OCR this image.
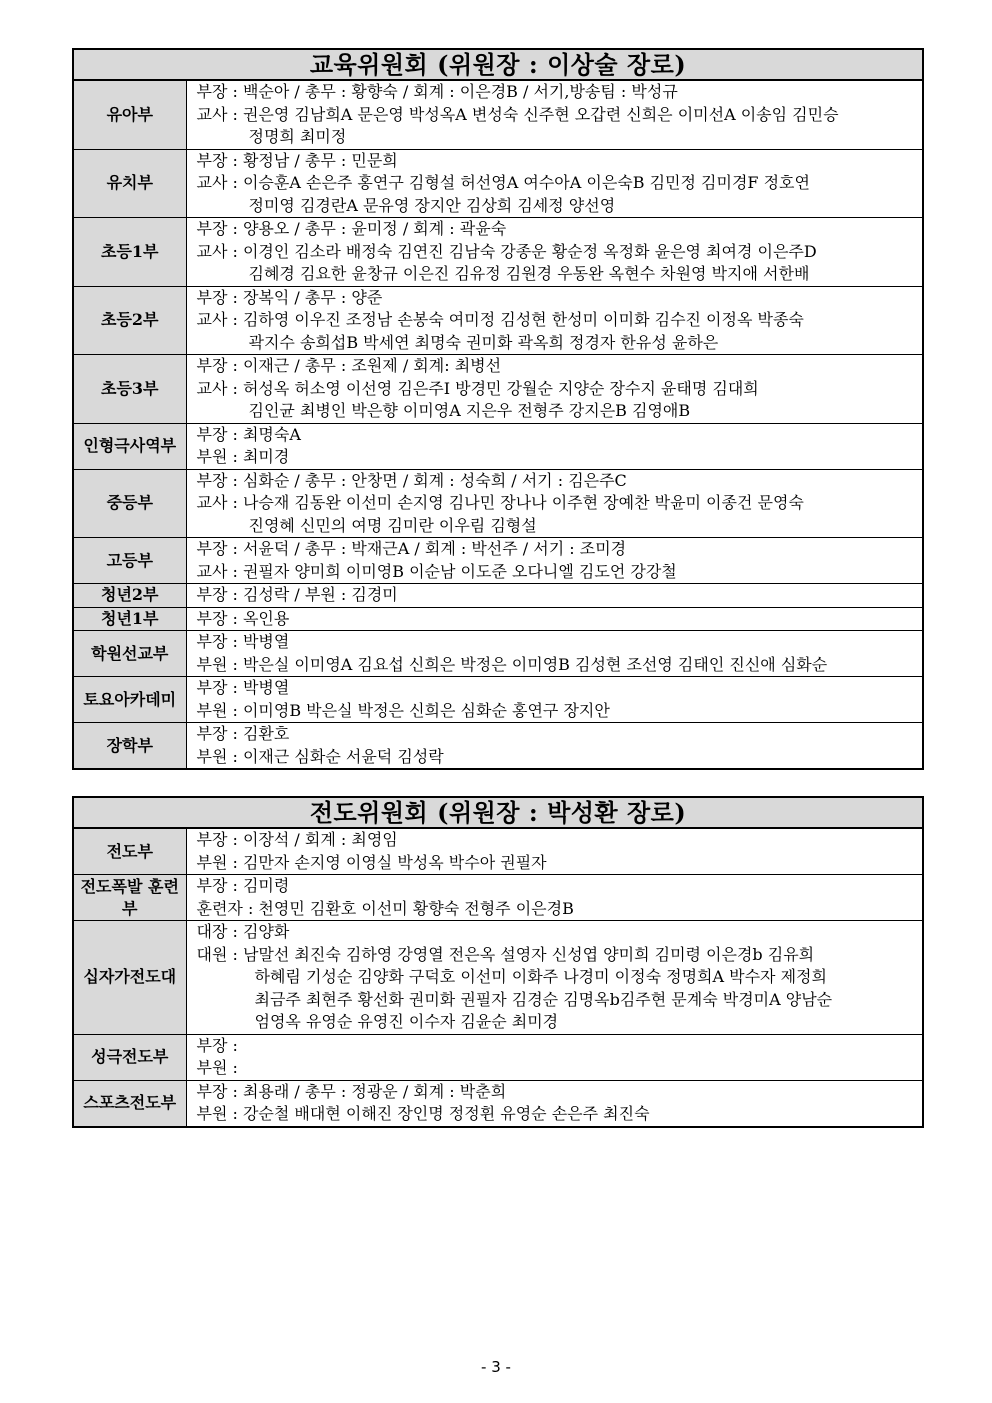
교육위원회 (위원장 : 이상술 장로)	
유아부	부장 : 백순아 / 총무 : 황향숙 / 회계 : 이은경B / 서기,방송팀 : 박성규
교사 : 권은영 김남희A 문은영 박성옥A 변성숙 신주현 오갑련 신희은 이미선A 이송임 김민승
정명희 최미정

유치부	부장 : 황정남 / 총무 : 민문희
교사 : 이승훈A 손은주 홍연구 김형설 허선영A 여수아A 이은숙B 김민정 김미경F 정호연
정미영 김경란A 문유영 장지안 김상희 김세정 양선영

초등1부	부장 : 양용오 / 총무 : 윤미정 / 회계 : 곽윤숙
교사 : 이경인 김소라 배정숙 김연진 김남숙 강종운 황순정 옥정화 윤은영 최여경 이은주D
김혜경 김요한 윤창규 이은진 김유정 김원경 우동완 옥현수 차원영 박지애 서한배

초등2부	부장 : 장복익 / 총무 : 양준
교사 : 김하영 이우진 조정남 손봉숙 여미정 김성현 한성미 이미화 김수진 이정옥 박종숙
곽지수 송희섭B 박세연 최명숙 권미화 곽옥희 정경자 한유성 윤하은

초등3부	부장 : 이재근 / 총무 : 조원제 / 회계: 최병선
교사 : 허성옥 허소영 이선영 김은주I 방경민 강월순 지양순 장수지 윤태명 김대희
김인균 최병인 박은향 이미영A 지은우 전형주 강지은B 김영애B

인형극사역부	부장 : 최명숙A
부원 : 최미경

중등부	부장 : 심화순 / 총무 : 안창면 / 회계 : 성숙희 / 서기 : 김은주C
교사 : 나승재 김동완 이선미 손지영 김나민 장나나 이주현 장예찬 박윤미 이종건 문영숙
진영혜 신민의 여명 김미란 이우림 김형설

고등부	부장 : 서윤덕 / 총무 : 박재근A / 회계 : 박선주 / 서기 : 조미경
교사 : 권필자 양미희 이미영B 이순남 이도준 오다니엘 김도언 강강철

청년2부	부장 : 김성락 / 부원 : 김경미

청년1부	부장 : 옥인용

학원선교부	부장 : 박병열
부원 : 박은실 이미영A 김요섭 신희은 박정은 이미영B 김성현 조선영 김태인 진신애 심화순

토요아카데미	부장 : 박병열
부원 : 이미영B 박은실 박정은 신희은 심화순 홍연구 장지안

장학부	부장 : 김환호
부원 : 이재근 심화순 서윤덕 김성락
전도위원회 (위원장 : 박성환 장로)	
전도부	부장 : 이장석 / 회계 : 최영임
부원 : 김만자 손지영 이영실 박성옥 박수아 권필자

전도폭발 훈련부	부장 : 김미령
훈련자 : 천영민 김환호 이선미 황향숙 전형주 이은경B

십자가전도대	대장 : 김양화
대원 : 남말선 최진숙 김하영 강영열 전은옥 설영자 신성엽 양미희 김미령 이은경b 김유희
하혜림 기성순 김양화 구덕호 이선미 이화주 나경미 이정숙 정명희A 박수자 제정희
최금주 최현주 황선화 권미화 권필자 김경순 김명옥b김주현 문계숙 박경미A 양남순
엄영옥 유영순 유영진 이수자 김윤순 최미경

성극전도부	부장 :
부원 :

스포츠전도부	부장 : 최용래 / 총무 : 정광운 / 회계 : 박춘희
부원 : 강순철 배대현 이해진 장인명 정정휜 유영순 손은주 최진숙
- 3 -
